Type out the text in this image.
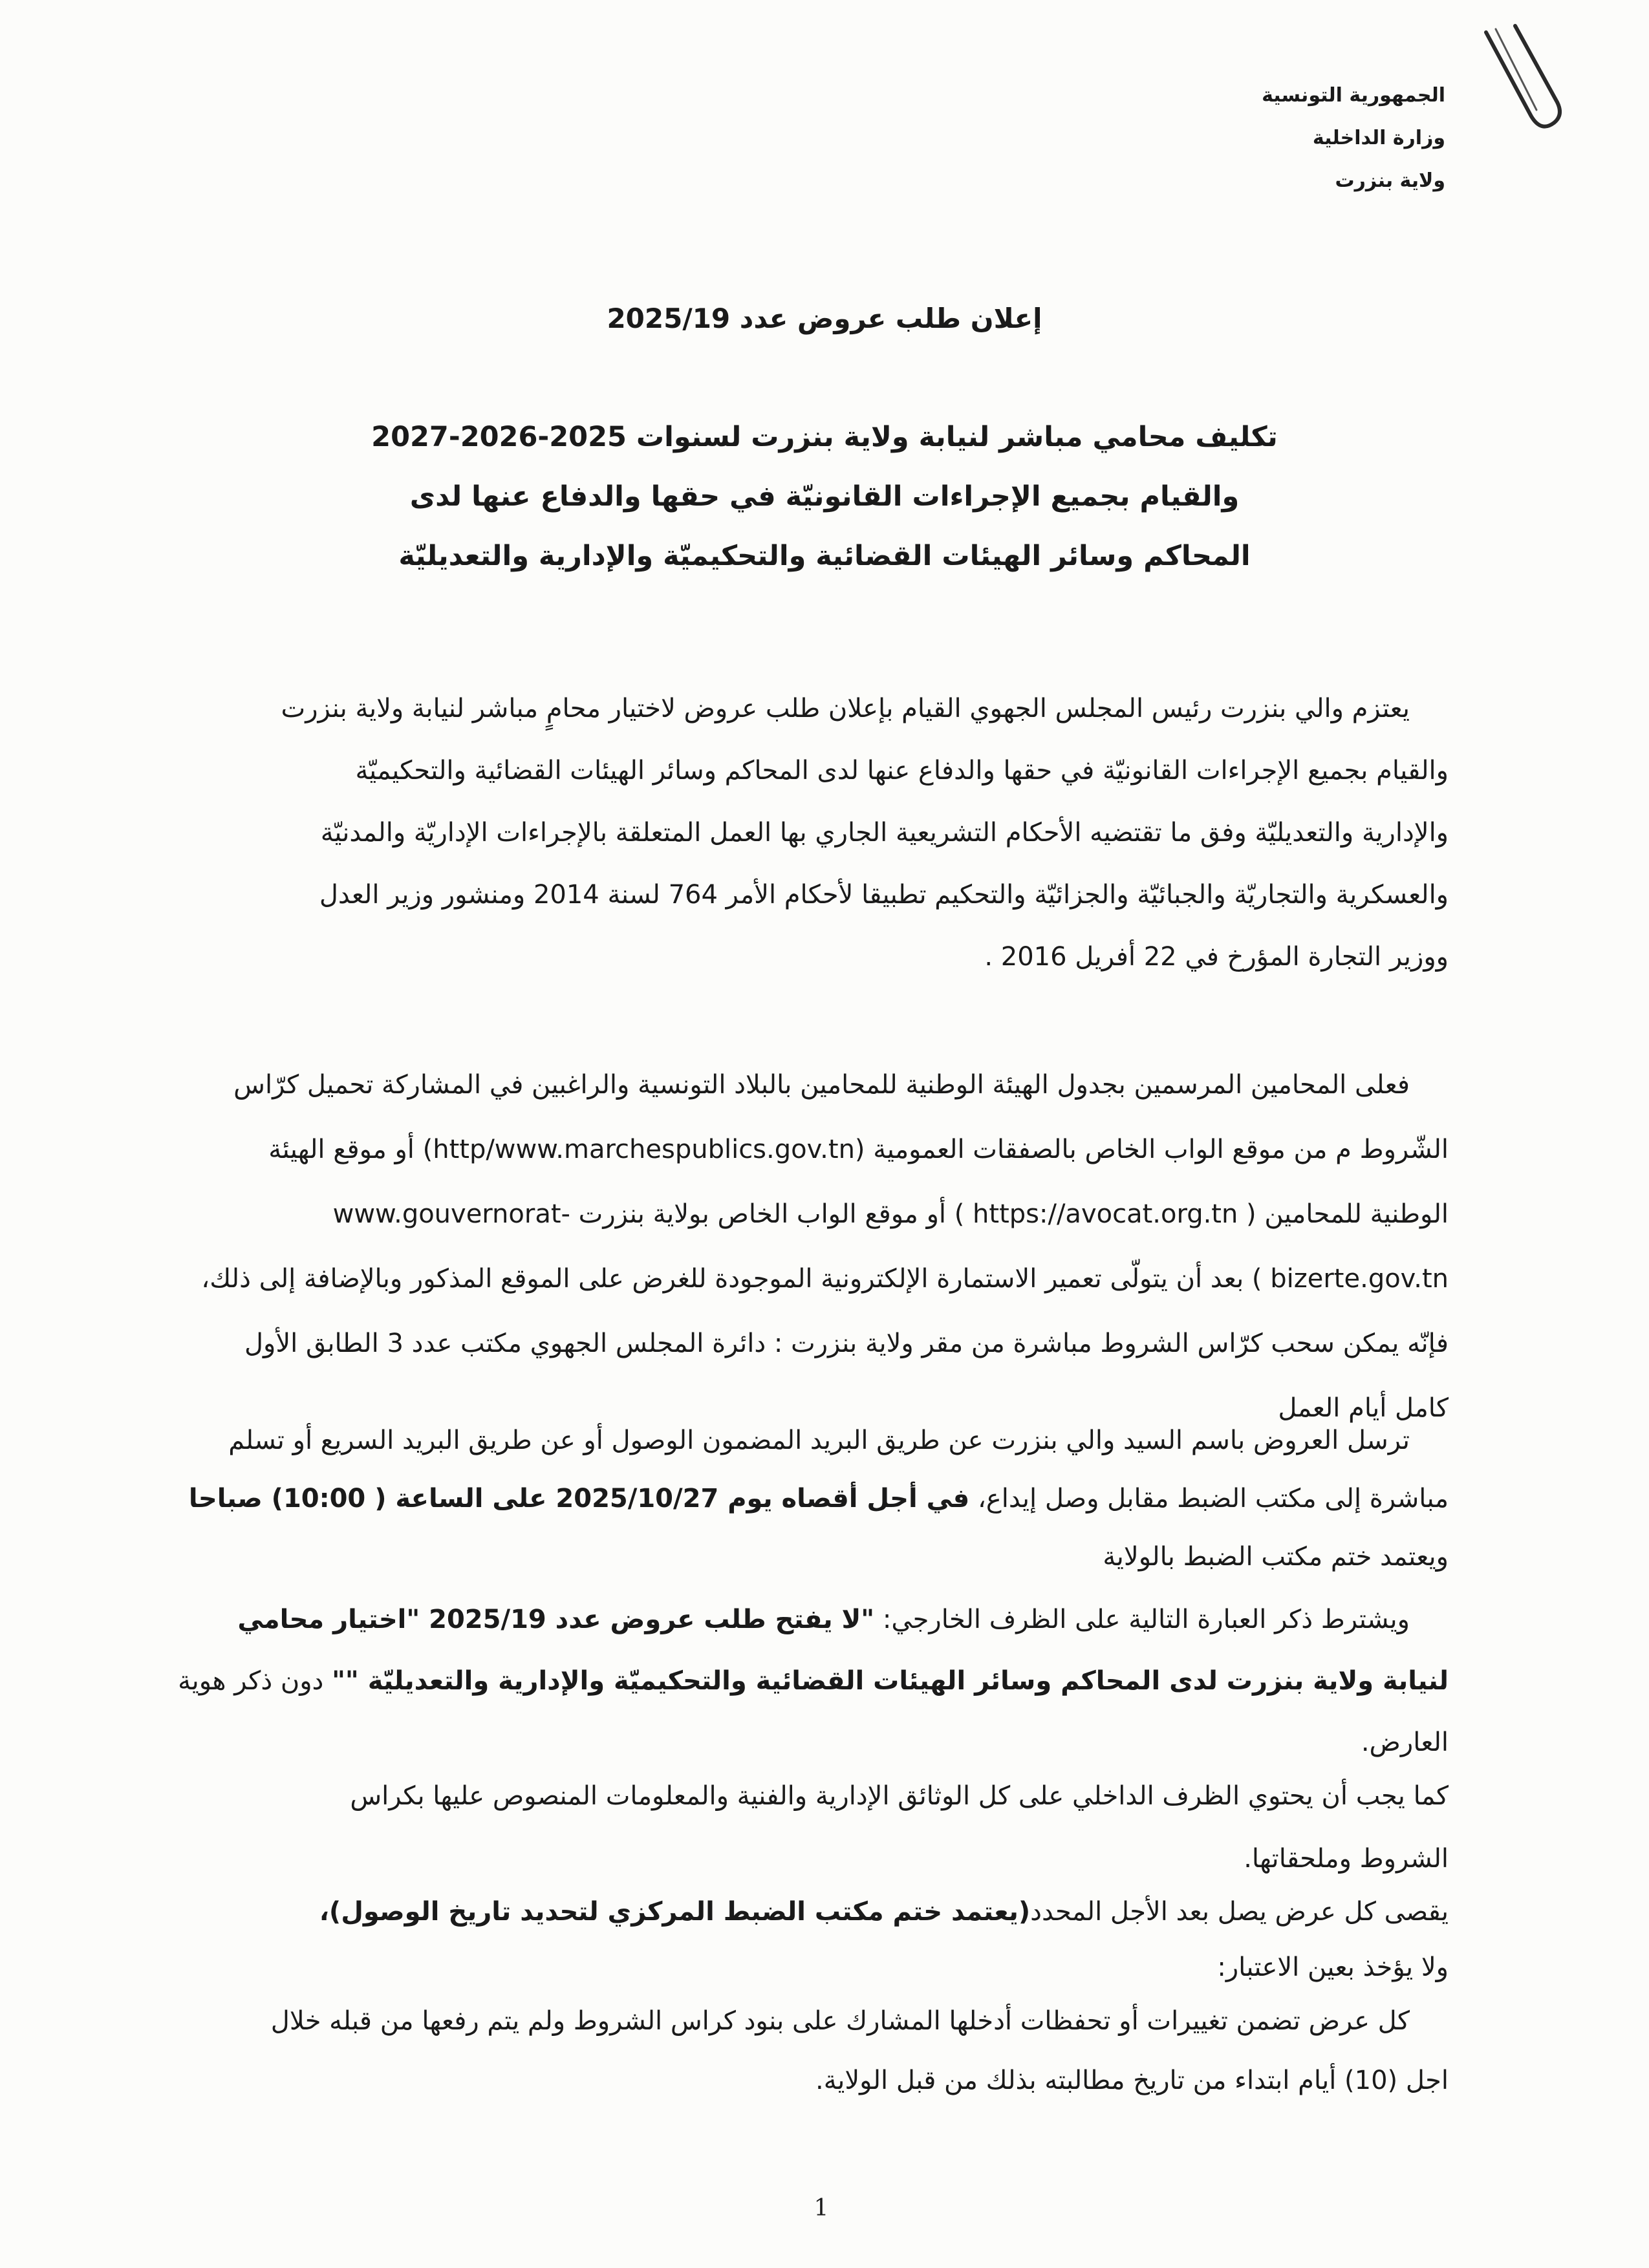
الجمهورية التونسية
وزارة الداخلية
ولاية بنزرت
إعلان طلب عروض عدد 2025/19
تكليف محامي مباشر لنيابة ولاية بنزرت لسنوات 2025-2026-2027
والقيام بجميع الإجراءات القانونيّة في حقها والدفاع عنها لدى
المحاكم وسائر الهيئات القضائية والتحكيميّة والإدارية والتعديليّة
يعتزم والي بنزرت رئيس المجلس الجهوي القيام بإعلان طلب عروض لاختيار محامٍ مباشر لنيابة ولاية بنزرت
والقيام بجميع الإجراءات القانونيّة في حقها والدفاع عنها لدى المحاكم وسائر الهيئات القضائية والتحكيميّة
والإدارية والتعديليّة وفق ما تقتضيه الأحكام التشريعية الجاري بها العمل المتعلقة بالإجراءات الإداريّة والمدنيّة
والعسكرية والتجاريّة والجبائيّة والجزائيّة والتحكيم تطبيقا لأحكام الأمر 764 لسنة 2014 ومنشور وزير العدل
ووزير التجارة المؤرخ في 22 أفريل 2016 .
فعلى المحامين المرسمين بجدول الهيئة الوطنية للمحامين بالبلاد التونسية والراغبين في المشاركة تحميل كرّاس
الشّروط م من موقع الواب الخاص بالصفقات العمومية (http/www.marchespublics.gov.tn) أو موقع الهيئة
الوطنية للمحامين ( https://avocat.org.tn ) أو موقع الواب الخاص بولاية بنزرت -www.gouvernorat
bizerte.gov.tn ) بعد أن يتولّى تعمير الاستمارة الإلكترونية الموجودة للغرض على الموقع المذكور وبالإضافة إلى ذلك،
فإنّه يمكن سحب كرّاس الشروط مباشرة من مقر ولاية بنزرت : دائرة المجلس الجهوي مكتب عدد 3 الطابق الأول
كامل أيام العمل
ترسل العروض باسم السيد والي بنزرت عن طريق البريد المضمون الوصول أو عن طريق البريد السريع أو تسلم
مباشرة إلى مكتب الضبط مقابل وصل إيداع، في أجل أقصاه يوم 2025/10/27 على الساعة ( 10:00) صباحا
ويعتمد ختم مكتب الضبط بالولاية
ويشترط ذكر العبارة التالية على الظرف الخارجي: "لا يفتح طلب عروض عدد 2025/19 "اختيار محامي
لنيابة ولاية بنزرت لدى المحاكم وسائر الهيئات القضائية والتحكيميّة والإدارية والتعديليّة "" دون ذكر هوية
العارض.
كما يجب أن يحتوي الظرف الداخلي على كل الوثائق الإدارية والفنية والمعلومات المنصوص عليها بكراس
الشروط وملحقاتها.
يقصى كل عرض يصل بعد الأجل المحدد(يعتمد ختم مكتب الضبط المركزي لتحديد تاريخ الوصول)،
ولا يؤخذ بعين الاعتبار:
كل عرض تضمن تغييرات أو تحفظات أدخلها المشارك على بنود كراس الشروط ولم يتم رفعها من قبله خلال
اجل (10) أيام ابتداء من تاريخ مطالبته بذلك من قبل الولاية.
1
